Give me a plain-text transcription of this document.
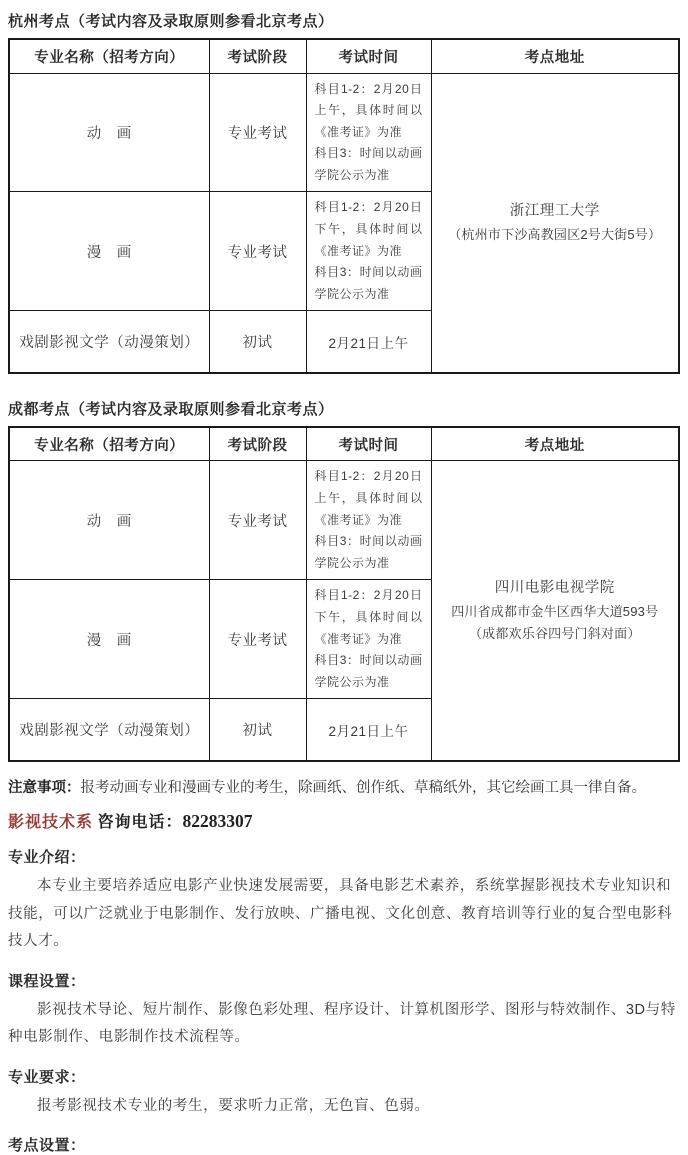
杭州考点（考试内容及录取原则参看北京考点）
专业名称（招考方向）	考试阶段	考试时间	考点地址
动　画	专业考试	
科目1-2：2月20日上午，具体时间以《准考证》为准
科目3：时间以动画学院公示为准

浙江理工大学
（杭州市下沙高教园区2号大街5号）

漫　画	专业考试	科目1-2：2月20日下午，具体时间以《准考证》为准
科目3：时间以动画学院公示为准	

戏剧影视文学（动漫策划）	初试	2月21日上午	
成都考点（考试内容及录取原则参看北京考点）
专业名称（招考方向）	考试阶段	考试时间	考点地址
动　画	专业考试	
科目1-2：2月20日上午，具体时间以《准考证》为准
科目3：时间以动画学院公示为准

四川电影电视学院
四川省成都市金牛区西华大道593号
（成都欢乐谷四号门斜对面）

漫　画	专业考试	科目1-2：2月20日下午，具体时间以《准考证》为准
科目3：时间以动画学院公示为准	

戏剧影视文学（动漫策划）	初试	2月21日上午	

注意事项：报考动画专业和漫画专业的考生，除画纸、创作纸、草稿纸外，其它绘画工具一律自备。

影视技术系 咨询电话：82283307

专业介绍：

本专业主要培养适应电影产业快速发展需要，具备电影艺术素养，系统掌握影视技术专业知识和技能，可以广泛就业于电影制作、发行放映、广播电视、文化创意、教育培训等行业的复合型电影科技人才。

课程设置：

影视技术导论、短片制作、影像色彩处理、程序设计、计算机图形学、图形与特效制作、3D与特种电影制作、电影制作技术流程等。

专业要求：

报考影视技术专业的考生，要求听力正常，无色盲、色弱。

考点设置：
